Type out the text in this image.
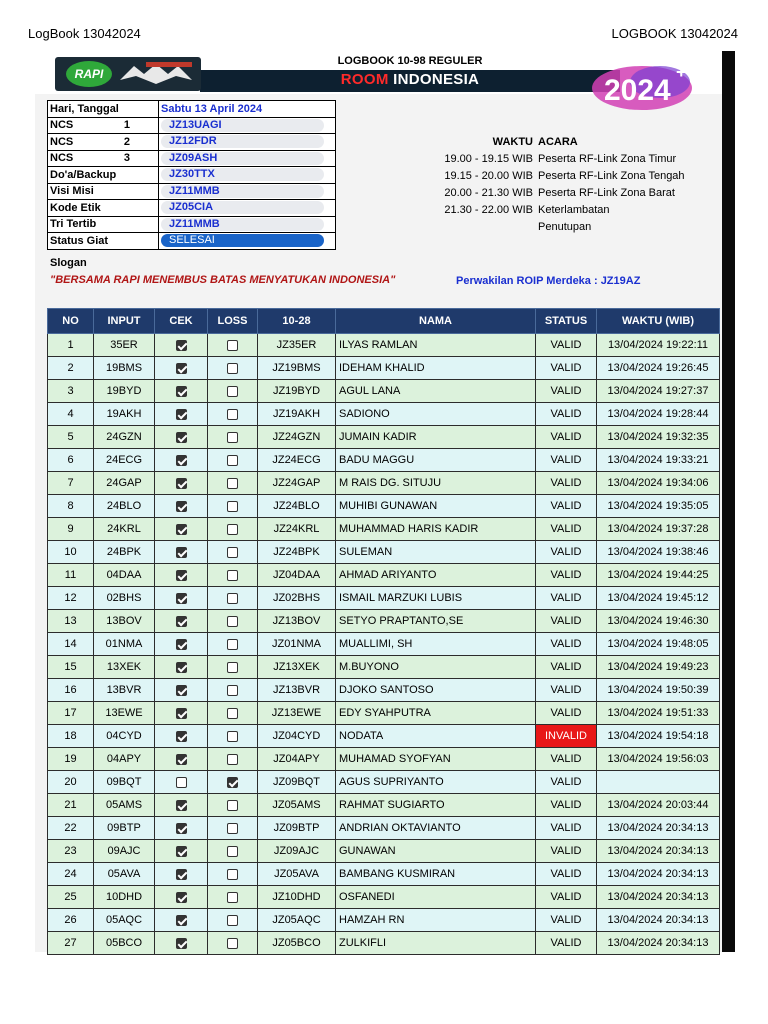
LogBook 13042024	LOGBOOK 13042024
LOGBOOK 10-98 REGULER
ROOM INDONESIA
RAPI	2024
+
Hari, Tanggal	Sabtu 13 April 2024
NCS 1	JZ13UAGI
NCS 2	JZ12FDR
NCS 3	JZ09ASH
Do'a/Backup	JZ30TTX
Visi Misi	JZ11MMB
Kode Etik	JZ05CIA
Tri Tertib	JZ11MMB
Status Giat	SELESAI
WAKTU ACARA
19.00 - 19.15 WIB Peserta RF-Link Zona Timur
19.15 - 20.00 WIB Peserta RF-Link Zona Tengah
20.00 - 21.30 WIB Peserta RF-Link Zona Barat
21.30 - 22.00 WIB Keterlambatan
Penutupan
Slogan
"BERSAMA RAPI MENEMBUS BATAS MENYATUKAN INDONESIA"	Perwakilan ROIP Merdeka : JZ19AZ
NO	INPUT	CEK	LOSS	10-28	NAMA	STATUS	WAKTU (WIB)
1	35ER			JZ35ER	ILYAS RAMLAN	VALID	13/04/2024 19:22:11
2	19BMS			JZ19BMS	IDEHAM KHALID	VALID	13/04/2024 19:26:45
3	19BYD			JZ19BYD	AGUL LANA	VALID	13/04/2024 19:27:37
4	19AKH			JZ19AKH	SADIONO	VALID	13/04/2024 19:28:44
5	24GZN			JZ24GZN	JUMAIN KADIR	VALID	13/04/2024 19:32:35
6	24ECG			JZ24ECG	BADU MAGGU	VALID	13/04/2024 19:33:21
7	24GAP			JZ24GAP	M RAIS DG. SITUJU	VALID	13/04/2024 19:34:06
8	24BLO			JZ24BLO	MUHIBI GUNAWAN	VALID	13/04/2024 19:35:05
9	24KRL			JZ24KRL	MUHAMMAD HARIS KADIR	VALID	13/04/2024 19:37:28
10	24BPK			JZ24BPK	SULEMAN	VALID	13/04/2024 19:38:46
11	04DAA			JZ04DAA	AHMAD ARIYANTO	VALID	13/04/2024 19:44:25
12	02BHS			JZ02BHS	ISMAIL MARZUKI LUBIS	VALID	13/04/2024 19:45:12
13	13BOV			JZ13BOV	SETYO PRAPTANTO,SE	VALID	13/04/2024 19:46:30
14	01NMA			JZ01NMA	MUALLIMI, SH	VALID	13/04/2024 19:48:05
15	13XEK			JZ13XEK	M.BUYONO	VALID	13/04/2024 19:49:23
16	13BVR			JZ13BVR	DJOKO SANTOSO	VALID	13/04/2024 19:50:39
17	13EWE			JZ13EWE	EDY SYAHPUTRA	VALID	13/04/2024 19:51:33
18	04CYD			JZ04CYD	NODATA	INVALID	13/04/2024 19:54:18
19	04APY			JZ04APY	MUHAMAD SYOFYAN	VALID	13/04/2024 19:56:03
20	09BQT			JZ09BQT	AGUS SUPRIYANTO	VALID	
21	05AMS			JZ05AMS	RAHMAT SUGIARTO	VALID	13/04/2024 20:03:44
22	09BTP			JZ09BTP	ANDRIAN OKTAVIANTO	VALID	13/04/2024 20:34:13
23	09AJC			JZ09AJC	GUNAWAN	VALID	13/04/2024 20:34:13
24	05AVA			JZ05AVA	BAMBANG KUSMIRAN	VALID	13/04/2024 20:34:13
25	10DHD			JZ10DHD	OSFANEDI	VALID	13/04/2024 20:34:13
26	05AQC			JZ05AQC	HAMZAH RN	VALID	13/04/2024 20:34:13
27	05BCO			JZ05BCO	ZULKIFLI	VALID	13/04/2024 20:34:13
